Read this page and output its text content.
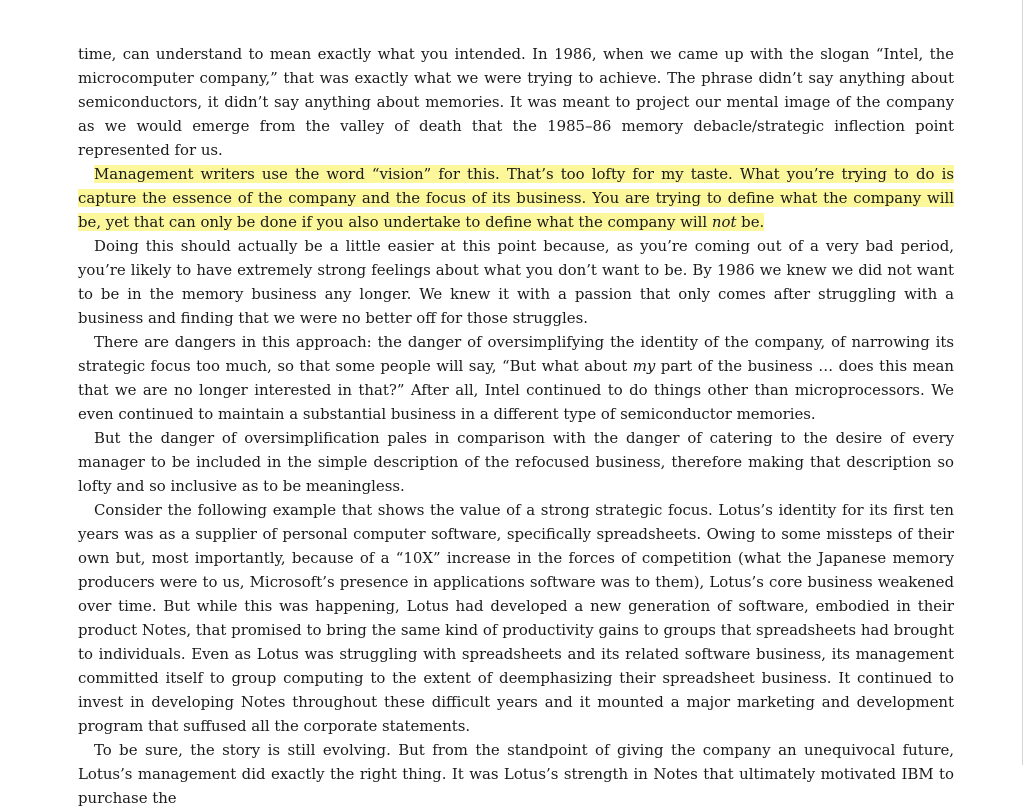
time, can understand to mean exactly what you intended. In 1986, when we came up with the slogan “Intel, the microcomputer company,” that was exactly what we were trying to achieve. The phrase didn’t say anything about semiconductors, it didn’t say anything about memories. It was meant to project our mental image of the company as we would emerge from the valley of death that the 1985–86 memory debacle/strategic inflection point represented for us.

Management writers use the word “vision” for this. That’s too lofty for my taste. What you’re trying to do is capture the essence of the company and the focus of its business. You are trying to define what the company will be, yet that can only be done if you also undertake to define what the company will not be.

Doing this should actually be a little easier at this point because, as you’re coming out of a very bad period, you’re likely to have extremely strong feelings about what you don’t want to be. By 1986 we knew we did not want to be in the memory business any longer. We knew it with a passion that only comes after struggling with a business and finding that we were no better off for those struggles.

There are dangers in this approach: the danger of oversimplifying the identity of the company, of narrowing its strategic focus too much, so that some people will say, “But what about my part of the business … does this mean that we are no longer interested in that?” After all, Intel continued to do things other than microprocessors. We even continued to maintain a substantial business in a different type of semiconductor memories.

But the danger of oversimplification pales in comparison with the danger of catering to the desire of every manager to be included in the simple description of the refocused business, therefore making that description so lofty and so inclusive as to be meaningless.

Consider the following example that shows the value of a strong strategic focus. Lotus’s identity for its first ten years was as a supplier of personal computer software, specifically spreadsheets. Owing to some missteps of their own but, most importantly, because of a “10X” increase in the forces of competition (what the Japanese memory producers were to us, Microsoft’s presence in applications software was to them), Lotus’s core business weakened over time. But while this was happening, Lotus had developed a new generation of software, embodied in their product Notes, that promised to bring the same kind of productivity gains to groups that spreadsheets had brought to individuals. Even as Lotus was struggling with spreadsheets and its related software business, its management committed itself to group computing to the extent of deemphasizing their spreadsheet business. It continued to invest in developing Notes throughout these difficult years and it mounted a major marketing and development program that suffused all the corporate statements.

To be sure, the story is still evolving. But from the standpoint of giving the company an unequivocal future, Lotus’s management did exactly the right thing. It was Lotus’s strength in Notes that ultimately motivated IBM to purchase the
